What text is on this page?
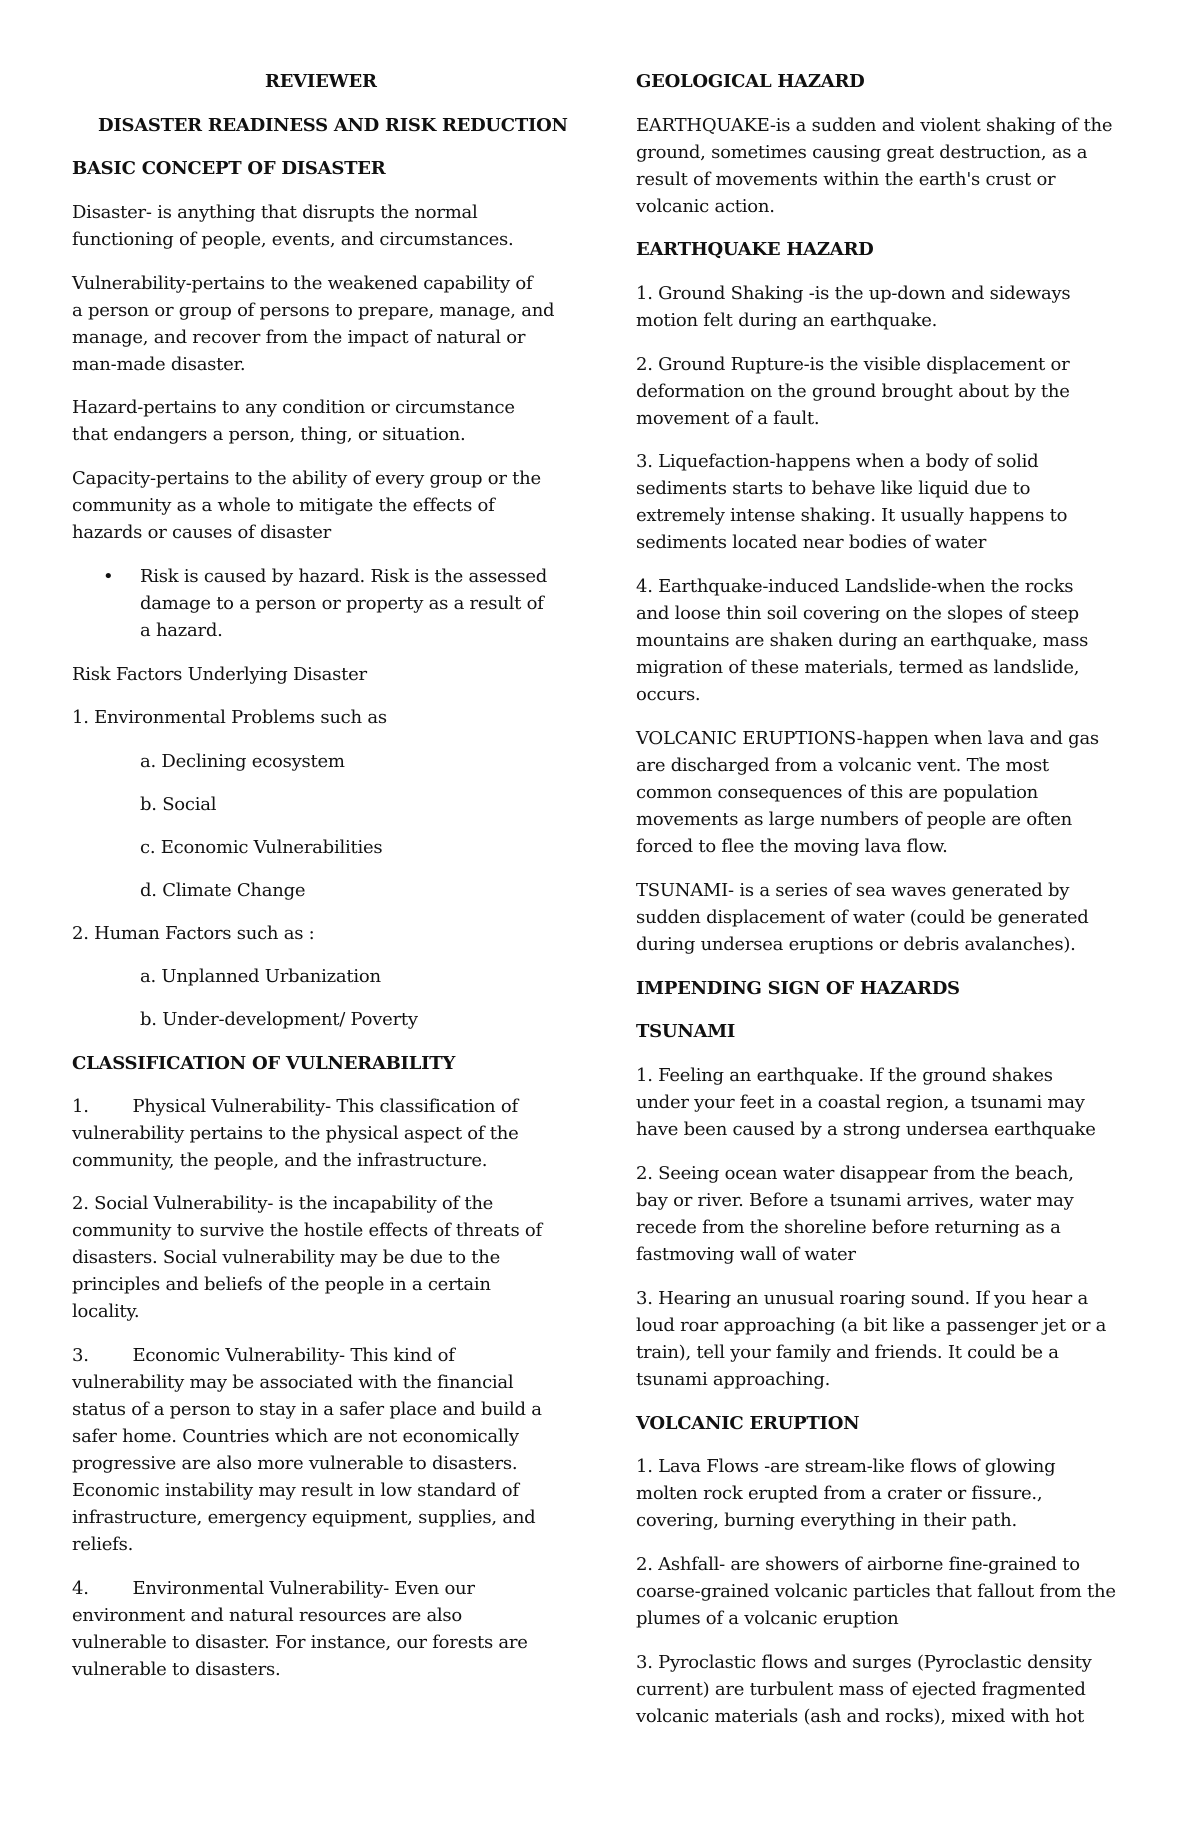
REVIEWER
DISASTER READINESS AND RISK REDUCTION
BASIC CONCEPT OF DISASTER
Disaster- is anything that disrupts the normal
functioning of people, events, and circumstances.
Vulnerability-pertains to the weakened capability of
a person or group of persons to prepare, manage, and
manage, and recover from the impact of natural or
man-made disaster.
Hazard-pertains to any condition or circumstance
that endangers a person, thing, or situation.
Capacity-pertains to the ability of every group or the
community as a whole to mitigate the effects of
hazards or causes of disaster
• Risk is caused by hazard. Risk is the assessed
damage to a person or property as a result of
a hazard.
Risk Factors Underlying Disaster
1. Environmental Problems such as
a. Declining ecosystem
b. Social
c. Economic Vulnerabilities
d. Climate Change
2. Human Factors such as :
a. Unplanned Urbanization
b. Under-development/ Poverty
CLASSIFICATION OF VULNERABILITY
1.        Physical Vulnerability- This classification of
vulnerability pertains to the physical aspect of the
community, the people, and the infrastructure.
2. Social Vulnerability- is the incapability of the
community to survive the hostile effects of threats of
disasters. Social vulnerability may be due to the
principles and beliefs of the people in a certain
locality.
3.        Economic Vulnerability- This kind of
vulnerability may be associated with the financial
status of a person to stay in a safer place and build a
safer home. Countries which are not economically
progressive are also more vulnerable to disasters.
Economic instability may result in low standard of
infrastructure, emergency equipment, supplies, and
reliefs.
4.        Environmental Vulnerability- Even our
environment and natural resources are also
vulnerable to disaster. For instance, our forests are
vulnerable to disasters.
GEOLOGICAL HAZARD
EARTHQUAKE-is a sudden and violent shaking of the
ground, sometimes causing great destruction, as a
result of movements within the earth's crust or
volcanic action.
EARTHQUAKE HAZARD
1. Ground Shaking -is the up-down and sideways
motion felt during an earthquake.
2. Ground Rupture-is the visible displacement or
deformation on the ground brought about by the
movement of a fault.
3. Liquefaction-happens when a body of solid
sediments starts to behave like liquid due to
extremely intense shaking. It usually happens to
sediments located near bodies of water
4. Earthquake-induced Landslide-when the rocks
and loose thin soil covering on the slopes of steep
mountains are shaken during an earthquake, mass
migration of these materials, termed as landslide,
occurs.
VOLCANIC ERUPTIONS-happen when lava and gas
are discharged from a volcanic vent. The most
common consequences of this are population
movements as large numbers of people are often
forced to flee the moving lava flow.
TSUNAMI- is a series of sea waves generated by
sudden displacement of water (could be generated
during undersea eruptions or debris avalanches).
IMPENDING SIGN OF HAZARDS
TSUNAMI
1. Feeling an earthquake. If the ground shakes
under your feet in a coastal region, a tsunami may
have been caused by a strong undersea earthquake
2. Seeing ocean water disappear from the beach,
bay or river. Before a tsunami arrives, water may
recede from the shoreline before returning as a
fastmoving wall of water
3. Hearing an unusual roaring sound. If you hear a
loud roar approaching (a bit like a passenger jet or a
train), tell your family and friends. It could be a
tsunami approaching.
VOLCANIC ERUPTION
1. Lava Flows -are stream-like flows of glowing
molten rock erupted from a crater or fissure.,
covering, burning everything in their path.
2. Ashfall- are showers of airborne fine-grained to
coarse-grained volcanic particles that fallout from the
plumes of a volcanic eruption
3. Pyroclastic flows and surges (Pyroclastic density
current) are turbulent mass of ejected fragmented
volcanic materials (ash and rocks), mixed with hot
